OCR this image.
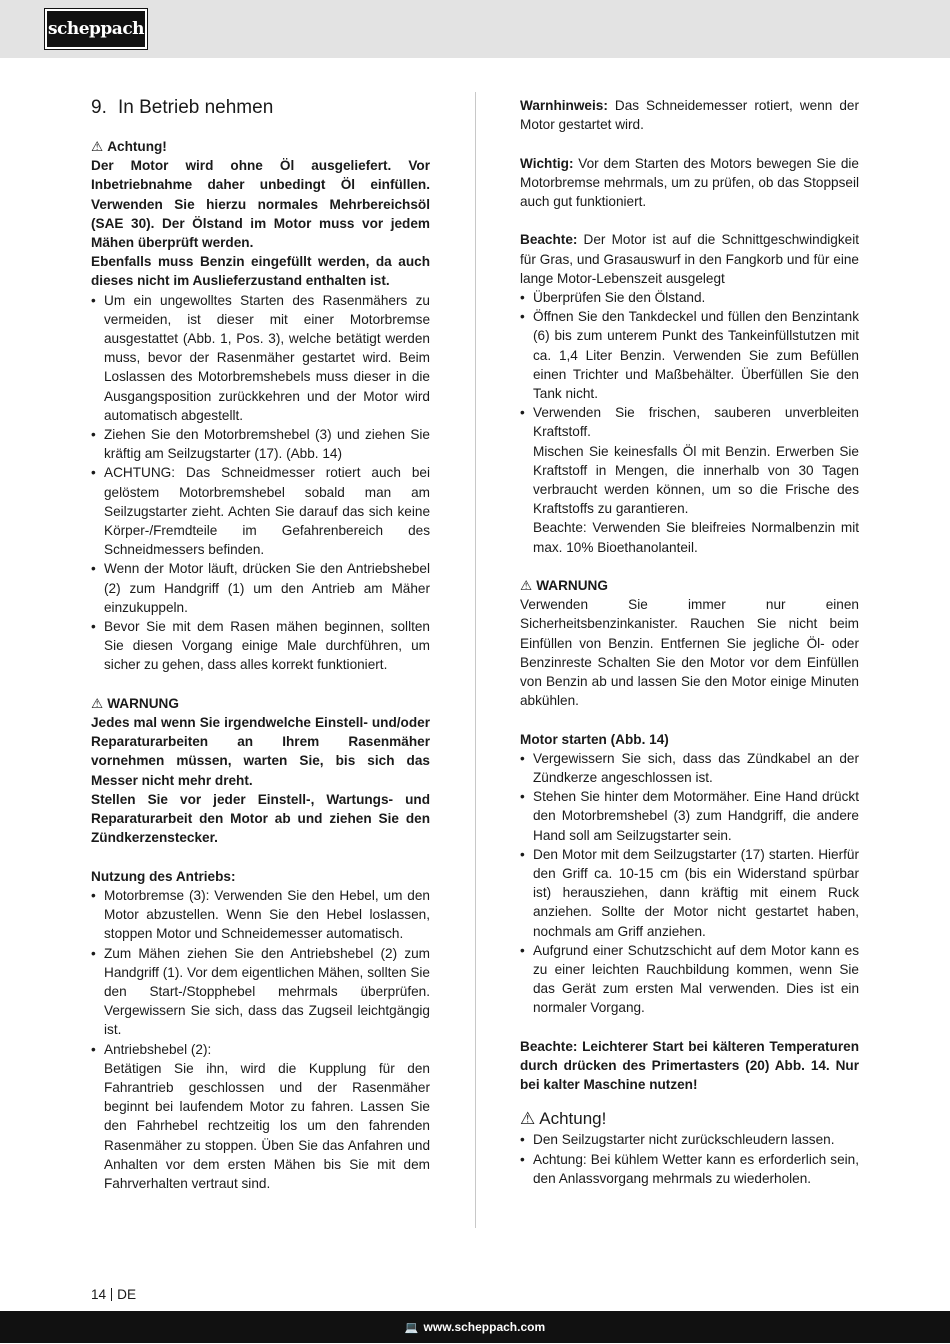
scheppach

9. In Betrieb nehmen

⚠ Achtung!

Der Motor wird ohne Öl ausgeliefert. Vor Inbetriebnahme daher unbedingt Öl einfüllen. Verwenden Sie hierzu normales Mehrbereichsöl (SAE 30). Der Ölstand im Motor muss vor jedem Mähen überprüft werden.

Ebenfalls muss Benzin eingefüllt werden, da auch dieses nicht im Auslieferzustand enthalten ist.

• Um ein ungewolltes Starten des Rasenmähers zu vermeiden, ist dieser mit einer Motorbremse ausgestattet (Abb. 1, Pos. 3), welche betätigt werden muss, bevor der Rasenmäher gestartet wird. Beim Loslassen des Motorbremshebels muss dieser in die Ausgangsposition zurückkehren und der Motor wird automatisch abgestellt.
• Ziehen Sie den Motorbremshebel (3) und ziehen Sie kräftig am Seilzugstarter (17). (Abb. 14)
• ACHTUNG: Das Schneidmesser rotiert auch bei gelöstem Motorbremshebel sobald man am Seilzugstarter zieht. Achten Sie darauf das sich keine Körper-/Fremdteile im Gefahrenbereich des Schneidmessers befinden.
• Wenn der Motor läuft, drücken Sie den Antriebshebel (2) zum Handgriff (1) um den Antrieb am Mäher einzukuppeln.
• Bevor Sie mit dem Rasen mähen beginnen, sollten Sie diesen Vorgang einige Male durchführen, um sicher zu gehen, dass alles korrekt funktioniert.

⚠ WARNUNG

Jedes mal wenn Sie irgendwelche Einstell- und/oder Reparaturarbeiten an Ihrem Rasenmäher vornehmen müssen, warten Sie, bis sich das Messer nicht mehr dreht.

Stellen Sie vor jeder Einstell-, Wartungs- und Reparaturarbeit den Motor ab und ziehen Sie den Zündkerzenstecker.

Nutzung des Antriebs:

• Motorbremse (3): Verwenden Sie den Hebel, um den Motor abzustellen. Wenn Sie den Hebel loslassen, stoppen Motor und Schneidemesser automatisch.
• Zum Mähen ziehen Sie den Antriebshebel (2) zum Handgriff (1). Vor dem eigentlichen Mähen, sollten Sie den Start-/Stopphebel mehrmals überprüfen. Vergewissern Sie sich, dass das Zugseil leichtgängig ist.
• Antriebshebel (2):
Betätigen Sie ihn, wird die Kupplung für den Fahrantrieb geschlossen und der Rasenmäher beginnt bei laufendem Motor zu fahren. Lassen Sie den Fahrhebel rechtzeitig los um den fahrenden Rasenmäher zu stoppen. Üben Sie das Anfahren und Anhalten vor dem ersten Mähen bis Sie mit dem Fahrverhalten vertraut sind.

Warnhinweis: Das Schneidemesser rotiert, wenn der Motor gestartet wird.

Wichtig: Vor dem Starten des Motors bewegen Sie die Motorbremse mehrmals, um zu prüfen, ob das Stoppseil auch gut funktioniert.

Beachte: Der Motor ist auf die Schnittgeschwindigkeit für Gras, und Grasauswurf in den Fangkorb und für eine lange Motor-Lebenszeit ausgelegt

• Überprüfen Sie den Ölstand.
• Öffnen Sie den Tankdeckel und füllen den Benzintank (6) bis zum unterem Punkt des Tankeinfüllstutzen mit ca. 1,4 Liter Benzin. Verwenden Sie zum Befüllen einen Trichter und Maßbehälter. Überfüllen Sie den Tank nicht.
• Verwenden Sie frischen, sauberen unverbleiten Kraftstoff.
Mischen Sie keinesfalls Öl mit Benzin. Erwerben Sie Kraftstoff in Mengen, die innerhalb von 30 Tagen verbraucht werden können, um so die Frische des Kraftstoffs zu garantieren.
Beachte: Verwenden Sie bleifreies Normalbenzin mit max. 10% Bioethanolanteil.

⚠ WARNUNG

Verwenden Sie immer nur einen Sicherheitsbenzinkanister. Rauchen Sie nicht beim Einfüllen von Benzin. Entfernen Sie jegliche Öl- oder Benzinreste Schalten Sie den Motor vor dem Einfüllen von Benzin ab und lassen Sie den Motor einige Minuten abkühlen.

Motor starten (Abb. 14)

• Vergewissern Sie sich, dass das Zündkabel an der Zündkerze angeschlossen ist.
• Stehen Sie hinter dem Motormäher. Eine Hand drückt den Motorbremshebel (3) zum Handgriff, die andere Hand soll am Seilzugstarter sein.
• Den Motor mit dem Seilzugstarter (17) starten. Hierfür den Griff ca. 10-15 cm (bis ein Widerstand spürbar ist) herausziehen, dann kräftig mit einem Ruck anziehen. Sollte der Motor nicht gestartet haben, nochmals am Griff anziehen.
• Aufgrund einer Schutzschicht auf dem Motor kann es zu einer leichten Rauchbildung kommen, wenn Sie das Gerät zum ersten Mal verwenden. Dies ist ein normaler Vorgang.

Beachte: Leichterer Start bei kälteren Temperaturen durch drücken des Primertasters (20) Abb. 14. Nur bei kalter Maschine nutzen!

⚠ Achtung!

• Den Seilzugstarter nicht zurückschleudern lassen.
• Achtung: Bei kühlem Wetter kann es erforderlich sein, den Anlassvorgang mehrmals zu wiederholen.
14 DE
💻 www.scheppach.com
